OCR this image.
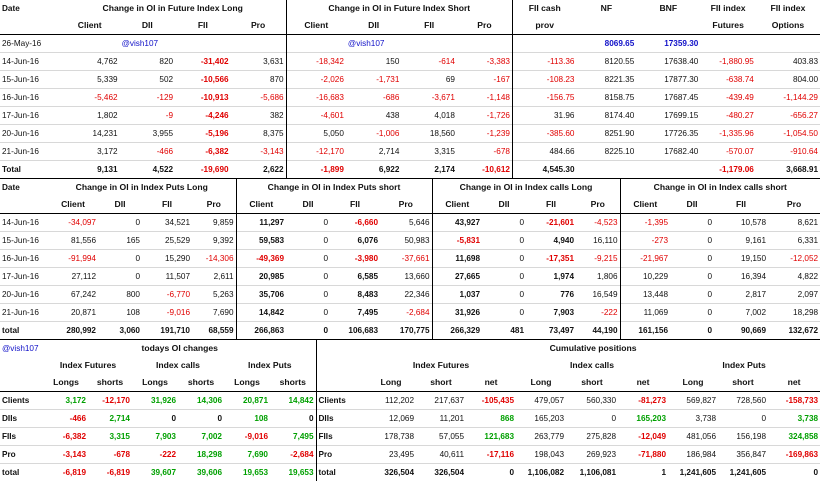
Date	Change in OI in Future Index Long				Change in OI in Future Index Short				FII cash	NF	BNF	FII index	FII index
	Client	DII	FII	Pro	Client	DII	FII	Pro	prov			Futures	Options
26-May-16		@vish107				@vish107				8069.65	17359.30		
14-Jun-16	4,762	820	-31,402	3,631	-18,342	150	-614	-3,383	-113.36	8120.55	17638.40	-1,880.95	403.83
15-Jun-16	5,339	502	-10,566	870	-2,026	-1,731	69	-167	-108.23	8221.35	17877.30	-638.74	804.00
16-Jun-16	-5,462	-129	-10,913	-5,686	-16,683	-686	-3,671	-1,148	-156.75	8158.75	17687.45	-439.49	-1,144.29
17-Jun-16	1,802	-9	-4,246	382	-4,601	438	4,018	-1,726	31.96	8174.40	17699.15	-480.27	-656.27
20-Jun-16	14,231	3,955	-5,196	8,375	5,050	-1,006	18,560	-1,239	-385.60	8251.90	17726.35	-1,335.96	-1,054.50
21-Jun-16	3,172	-466	-6,382	-3,143	-12,170	2,714	3,315	-678	484.66	8225.10	17682.40	-570.07	-910.64
Total	9,131	4,522	-19,690	2,622	-1,899	6,922	2,174	-10,612	4,545.30			-1,179.06	3,668.91
Date	Change in OI in Index Puts Long				Change in OI in Index Puts short				Change in OI in Index calls Long				Change in OI in Index calls short			
	Client	DII	FII	Pro	Client	DII	FII	Pro	Client	DII	FII	Pro	Client	DII	FII	Pro
14-Jun-16	-34,097	0	34,521	9,859	11,297	0	-6,660	5,646	43,927	0	-21,601	-4,523	-1,395	0	10,578	8,621
15-Jun-16	81,556	165	25,529	9,392	59,583	0	6,076	50,983	-5,831	0	4,940	16,110	-273	0	9,161	6,331
16-Jun-16	-91,994	0	15,290	-14,306	-49,369	0	-3,980	-37,661	11,698	0	-17,351	-9,215	-21,967	0	19,150	-12,052
17-Jun-16	27,112	0	11,507	2,611	20,985	0	6,585	13,660	27,665	0	1,974	1,806	10,229	0	16,394	4,822
20-Jun-16	67,242	800	-6,770	5,263	35,706	0	8,483	22,346	1,037	0	776	16,549	13,448	0	2,817	2,097
21-Jun-16	20,871	108	-9,016	7,690	14,842	0	7,495	-2,684	31,926	0	7,903	-222	11,069	0	7,002	18,298
total	280,992	3,060	191,710	68,559	266,863	0	106,683	170,775	266,329	481	73,497	44,190	161,156	0	90,669	132,672
@vish107	todays OI changes							Cumulative positions								
	Index Futures		Index calls		Index Puts			Index Futures			Index calls			Index Puts		
	Longs	shorts	Longs	shorts	Longs	shorts		Long	short	net	Long	short	net	Long	short	net
Clients	3,172	-12,170	31,926	14,306	20,871	14,842	Clients	112,202	217,637	-105,435	479,057	560,330	-81,273	569,827	728,560	-158,733
DIIs	-466	2,714	0	0	108	0	DIIs	12,069	11,201	868	165,203	0	165,203	3,738	0	3,738
FIIs	-6,382	3,315	7,903	7,002	-9,016	7,495	FIIs	178,738	57,055	121,683	263,779	275,828	-12,049	481,056	156,198	324,858
Pro	-3,143	-678	-222	18,298	7,690	-2,684	Pro	23,495	40,611	-17,116	198,043	269,923	-71,880	186,984	356,847	-169,863
total	-6,819	-6,819	39,607	39,606	19,653	19,653	total	326,504	326,504	0	1,106,082	1,106,081	1	1,241,605	1,241,605	0
